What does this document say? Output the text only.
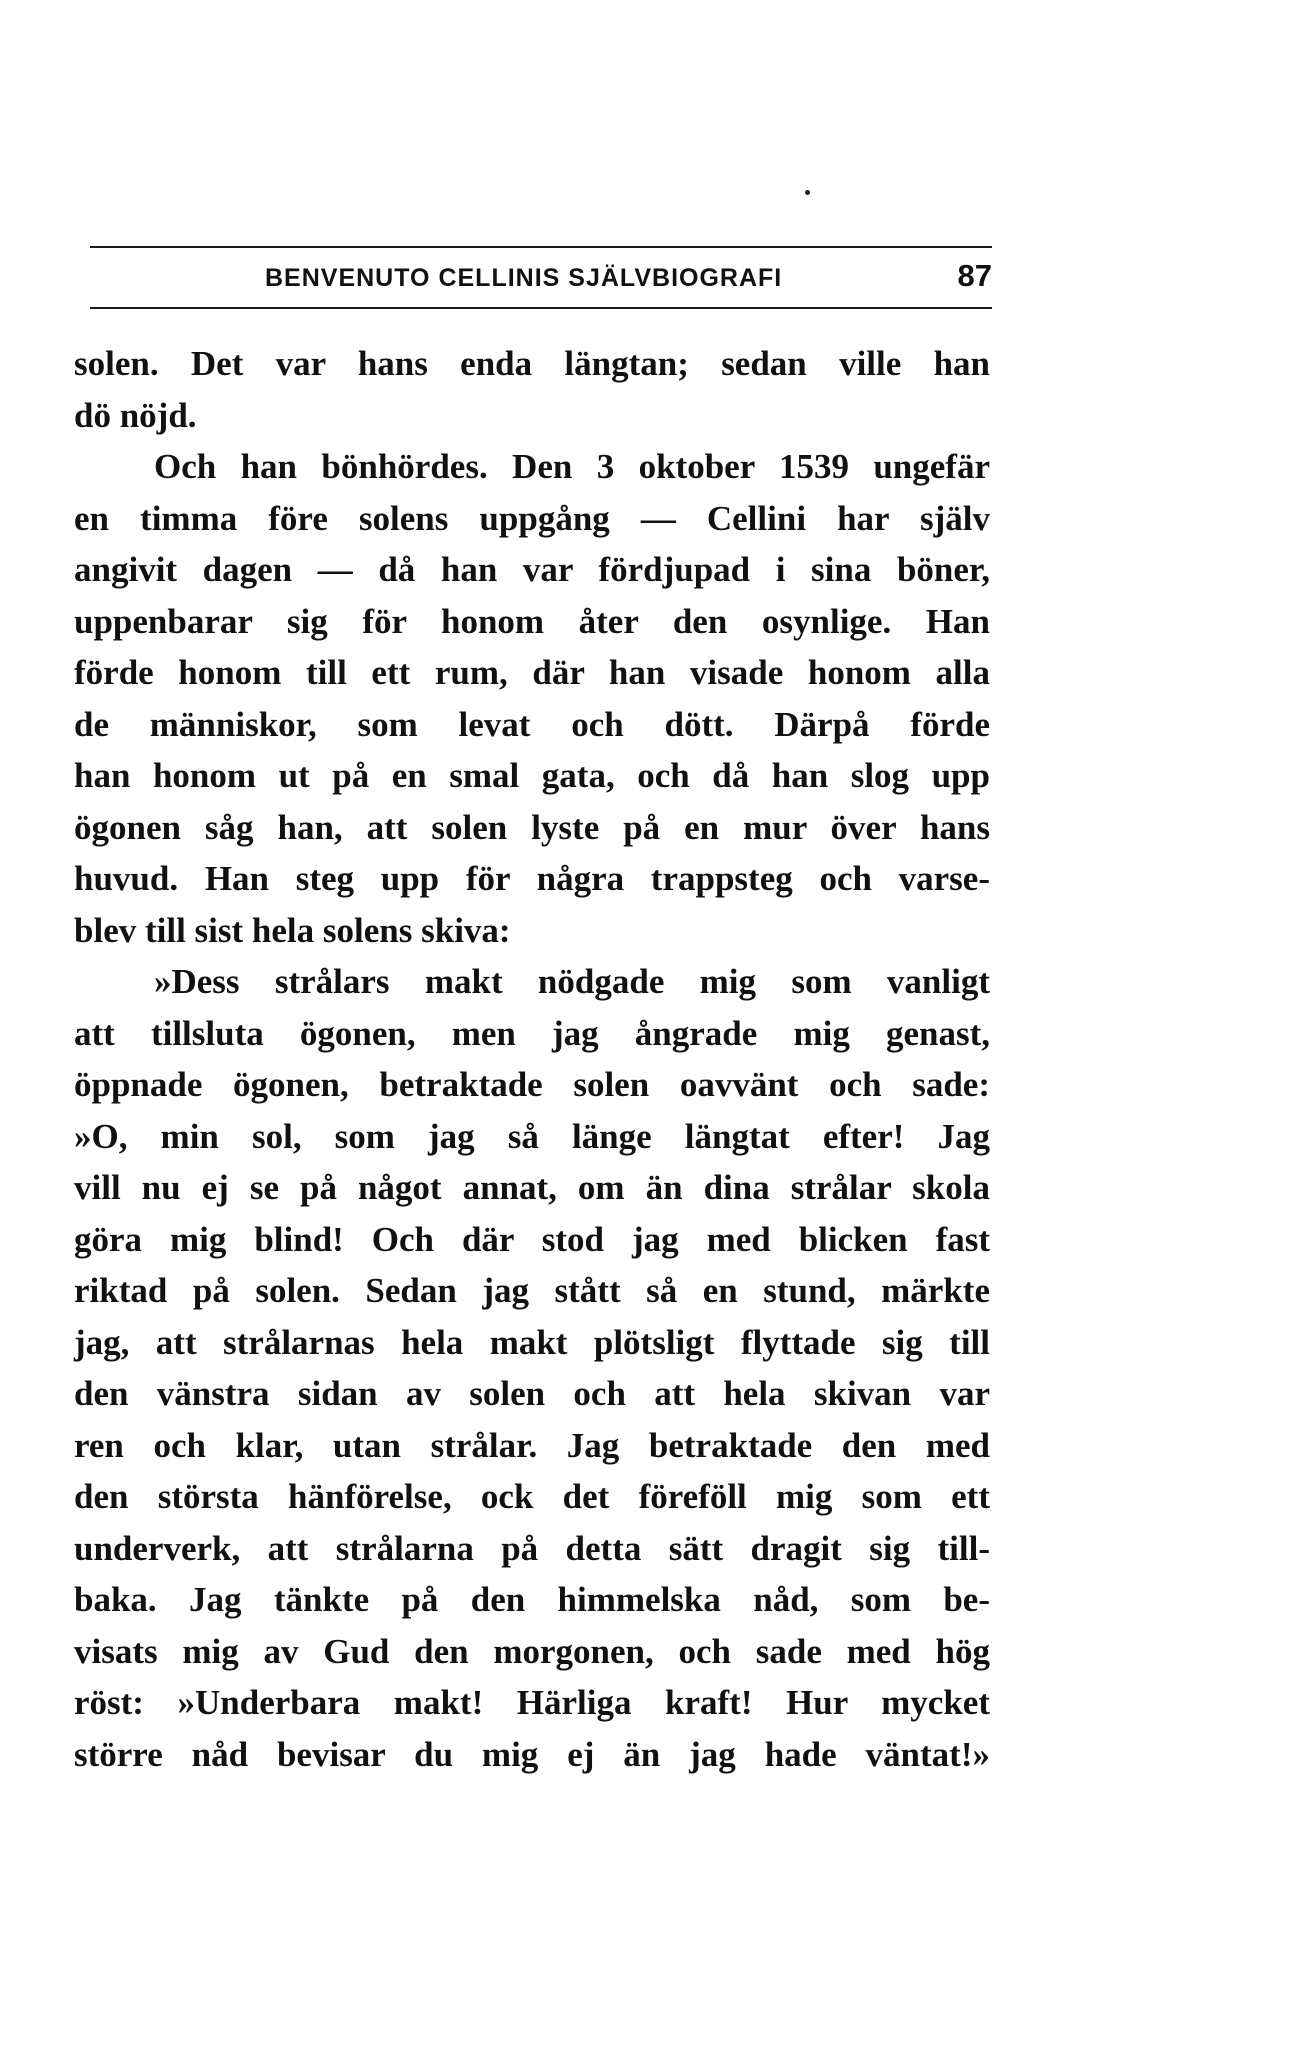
BENVENUTO CELLINIS SJÄLVBIOGRAFI	87
solen. Det var hans enda längtan; sedan ville han
dö nöjd.
Och han bönhördes. Den 3 oktober 1539 ungefär
en timma före solens uppgång — Cellini har själv
angivit dagen — då han var fördjupad i sina böner,
uppenbarar sig för honom åter den osynlige. Han
förde honom till ett rum, där han visade honom alla
de människor, som levat och dött. Därpå förde
han honom ut på en smal gata, och då han slog upp
ögonen såg han, att solen lyste på en mur över hans
huvud. Han steg upp för några trappsteg och varse-
blev till sist hela solens skiva:
»Dess strålars makt nödgade mig som vanligt
att tillsluta ögonen, men jag ångrade mig genast,
öppnade ögonen, betraktade solen oavvänt och sade:
»O, min sol, som jag så länge längtat efter! Jag
vill nu ej se på något annat, om än dina strålar skola
göra mig blind! Och där stod jag med blicken fast
riktad på solen. Sedan jag stått så en stund, märkte
jag, att strålarnas hela makt plötsligt flyttade sig till
den vänstra sidan av solen och att hela skivan var
ren och klar, utan strålar. Jag betraktade den med
den största hänförelse, ock det föreföll mig som ett
underverk, att strålarna på detta sätt dragit sig till-
baka. Jag tänkte på den himmelska nåd, som be-
visats mig av Gud den morgonen, och sade med hög
röst: »Underbara makt! Härliga kraft! Hur mycket
större nåd bevisar du mig ej än jag hade väntat!»
